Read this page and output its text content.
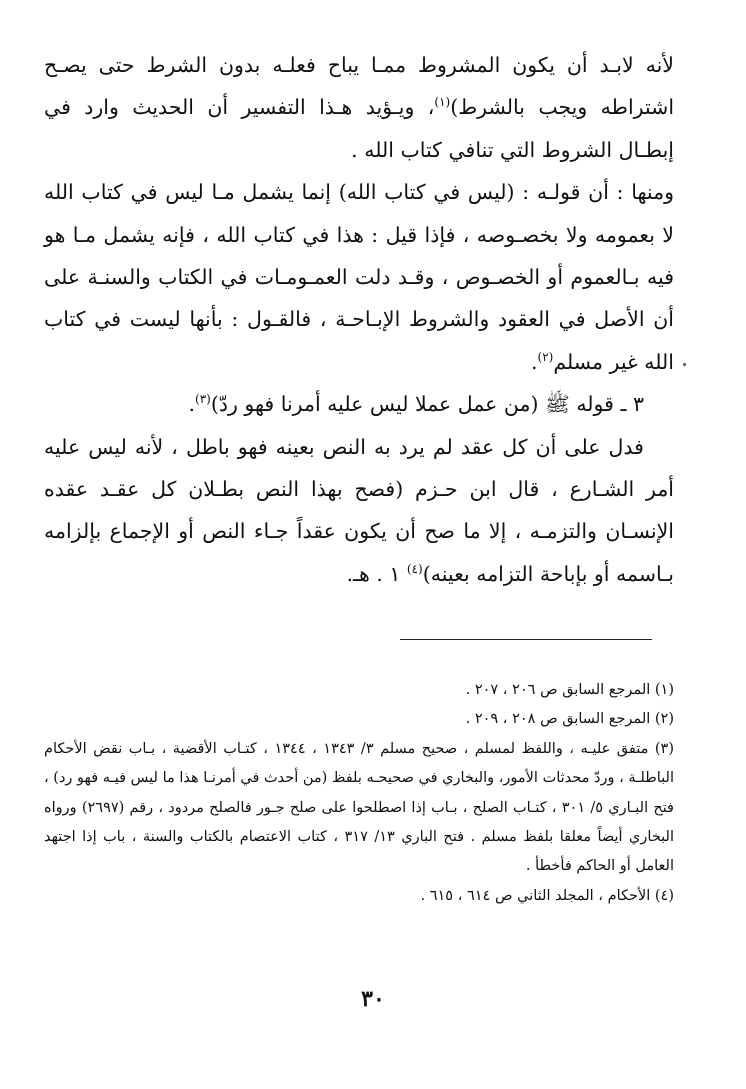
لأنه لابـد أن يكون المشروط ممـا يباح فعلـه بدون الشرط حتى يصـح اشتراطه ويجب بالشرط)$^{(١)}$، ويـؤيد هـذا التفسير أن الحديث وارد في إبطـال الشروط التي تنافي كتاب الله .

ومنها : أن قولـه : (ليس في كتاب الله) إنما يشمل مـا ليس في كتاب الله لا بعمومه ولا بخصـوصه ، فإذا قيل : هذا في كتاب الله ، فإنه يشمل مـا هو فيه بـالعموم أو الخصـوص ، وقـد دلت العمـومـات في الكتاب والسنـة على أن الأصل في العقود والشروط الإبـاحـة ، فالقـول : بأنها ليست في كتاب الله غير مسلم$^{(٢)}$.

٣ ـ قوله ﷺ (من عمل عملا ليس عليه أمرنا فهو ردّ)$^{(٣)}$.

فدل على أن كل عقد لم يرد به النص بعينه فهو باطل ، لأنه ليس عليه أمر الشـارع ، قال ابن حـزم (فصح بهذا النص بطـلان كل عقـد عقده الإنسـان والتزمـه ، إلا ما صح أن يكون عقداً جـاء النص أو الإجماع بإلزامه بـاسمه أو بإباحة التزامه بعينه)$^{(٤)}$ ١ . هـ.

(١) المرجع السابق ص ٢٠٦ ، ٢٠٧ .

(٢) المرجع السابق ص ٢٠٨ ، ٢٠٩ .

(٣) متفق عليـه ، واللفظ لمسلم ، صحيح مسلم ٣/ ١٣٤٣ ، ١٣٤٤ ، كتـاب الأقضية ، بـاب نقض الأحكام الباطلـة ، وردّ محدثات الأمور، والبخاري في صحيحـه بلفظ (من أحدث في أمرنـا هذا ما ليس فيـه فهو رد) ، فتح البـاري ٥/ ٣٠١ ، كتـاب الصلح ، بـاب إذا اصطلحوا على صلح جـور فالصلح مردود ، رقم (٢٦٩٧) ورواه البخاري أيضاً معلقا بلفظ مسلم . فتح الباري ١٣/ ٣١٧ ، كتاب الاعتصام بالكتاب والسنة ، باب إذا اجتهد العامل أو الحاكم فأخطأ .

(٤) الأحكام ، المجلد الثاني ص ٦١٤ ، ٦١٥ .

٣٠
